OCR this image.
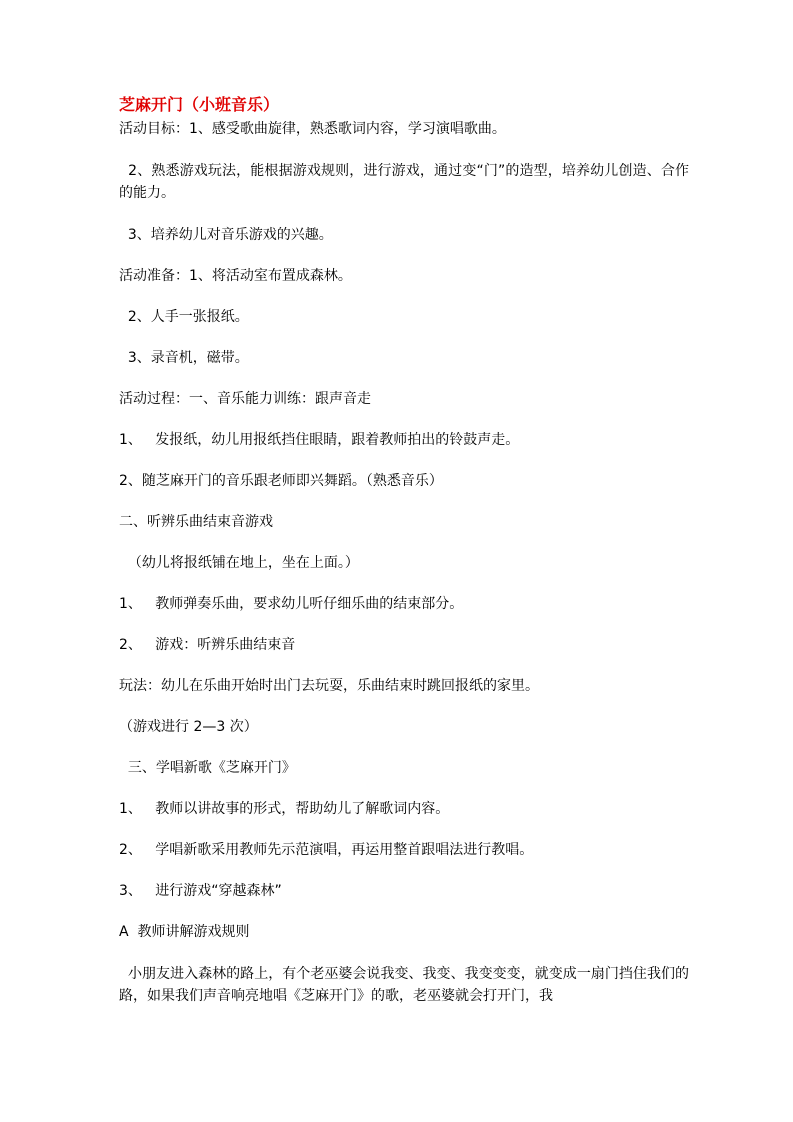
芝麻开门（小班音乐）

活动目标：1、感受歌曲旋律，熟悉歌词内容，学习演唱歌曲。

2、熟悉游戏玩法，能根据游戏规则，进行游戏，通过变“门”的造型，培养幼儿创造、合作的能力。

3、培养幼儿对音乐游戏的兴趣。

活动准备：1、将活动室布置成森林。

2、人手一张报纸。

3、录音机，磁带。

活动过程：一、音乐能力训练：跟声音走

1、   发报纸，幼儿用报纸挡住眼睛，跟着教师拍出的铃鼓声走。

2、随芝麻开门的音乐跟老师即兴舞蹈。（熟悉音乐）

二、听辨乐曲结束音游戏

（幼儿将报纸铺在地上，坐在上面。）

1、   教师弹奏乐曲，要求幼儿听仔细乐曲的结束部分。

2、   游戏：听辨乐曲结束音

玩法：幼儿在乐曲开始时出门去玩耍，乐曲结束时跳回报纸的家里。

（游戏进行 2—3 次）

三、学唱新歌《芝麻开门》

1、   教师以讲故事的形式，帮助幼儿了解歌词内容。

2、   学唱新歌采用教师先示范演唱，再运用整首跟唱法进行教唱。

3、   进行游戏“穿越森林”

A  教师讲解游戏规则

小朋友进入森林的路上，有个老巫婆会说我变、我变、我变变变，就变成一扇门挡住我们的路，如果我们声音响亮地唱《芝麻开门》的歌，老巫婆就会打开门，我
